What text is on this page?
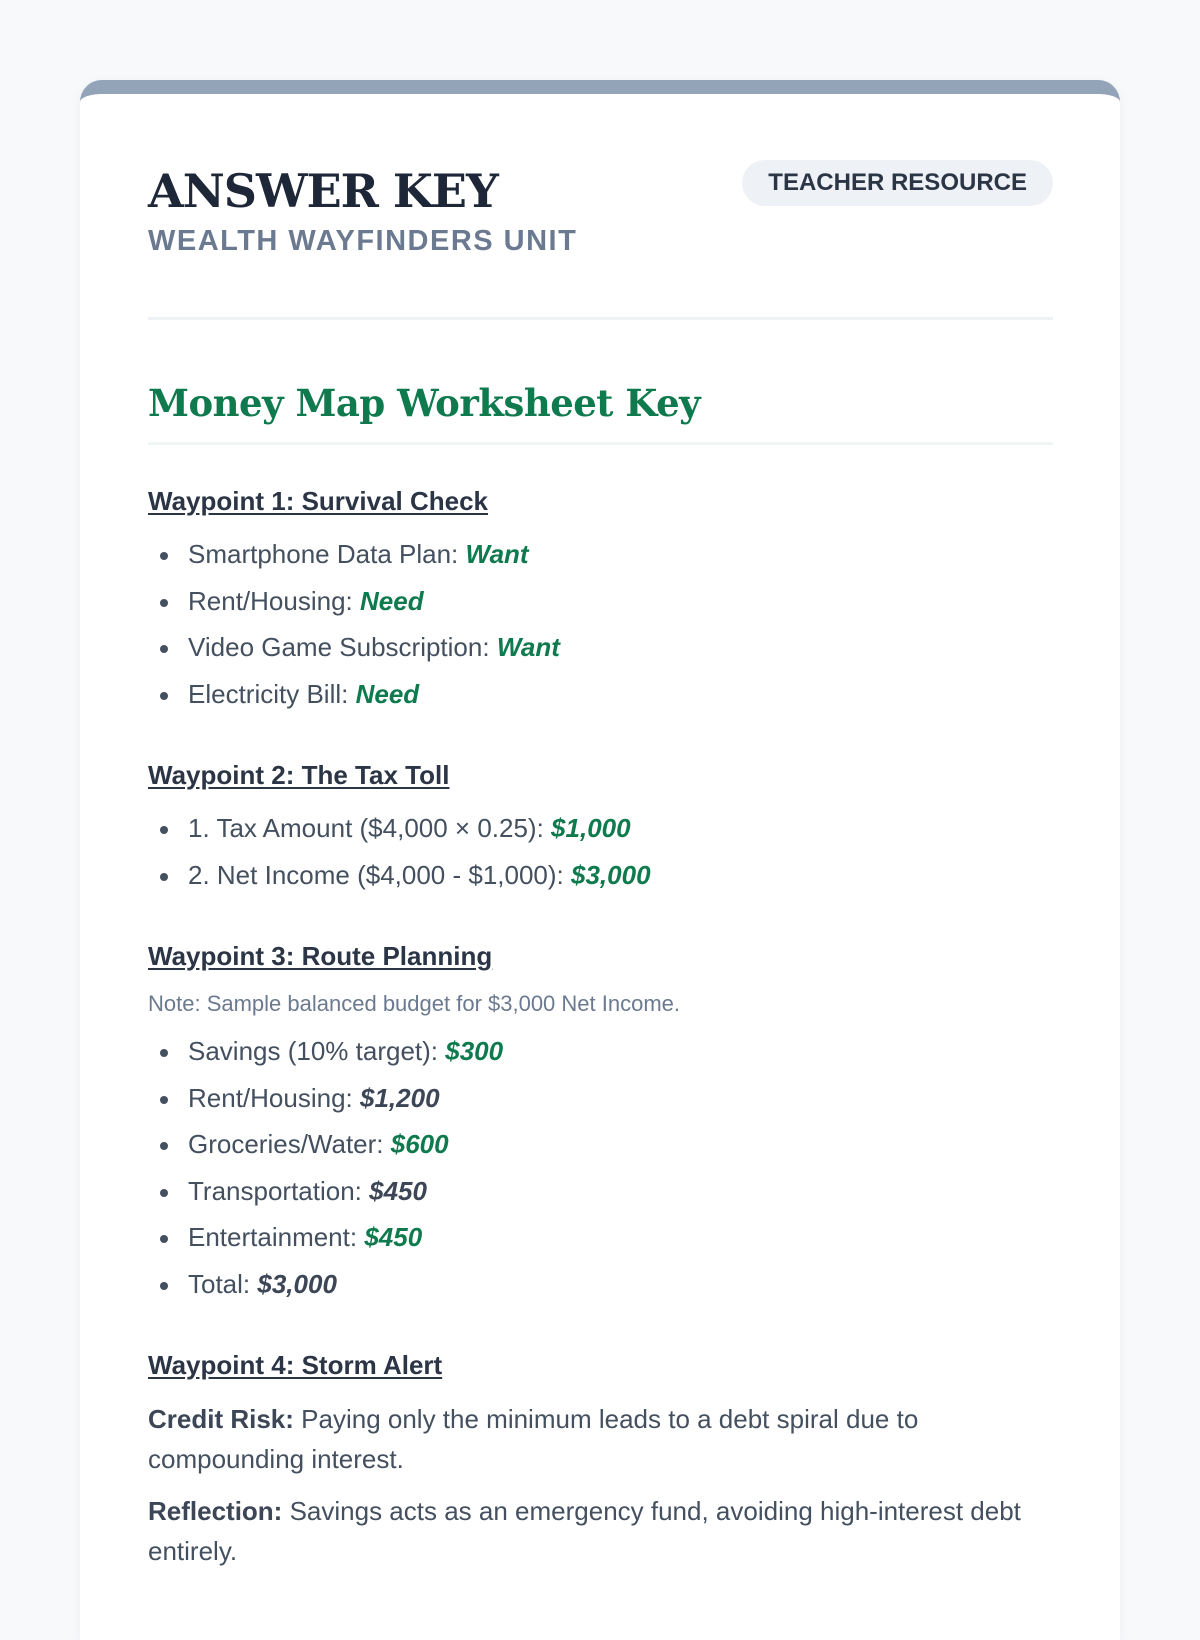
ANSWER KEY
WEALTH WAYFINDERS UNIT
TEACHER RESOURCE
Money Map Worksheet Key
Waypoint 1: Survival Check
Smartphone Data Plan: Want
Rent/Housing: Need
Video Game Subscription: Want
Electricity Bill: Need
Waypoint 2: The Tax Toll
1. Tax Amount ($4,000 × 0.25): $1,000
2. Net Income ($4,000 - $1,000): $3,000
Waypoint 3: Route Planning
Note: Sample balanced budget for $3,000 Net Income.
Savings (10% target): $300
Rent/Housing: $1,200
Groceries/Water: $600
Transportation: $450
Entertainment: $450
Total: $3,000
Waypoint 4: Storm Alert

Credit Risk: Paying only the minimum leads to a debt spiral due to compounding interest.

Reflection: Savings acts as an emergency fund, avoiding high-interest debt entirely.
